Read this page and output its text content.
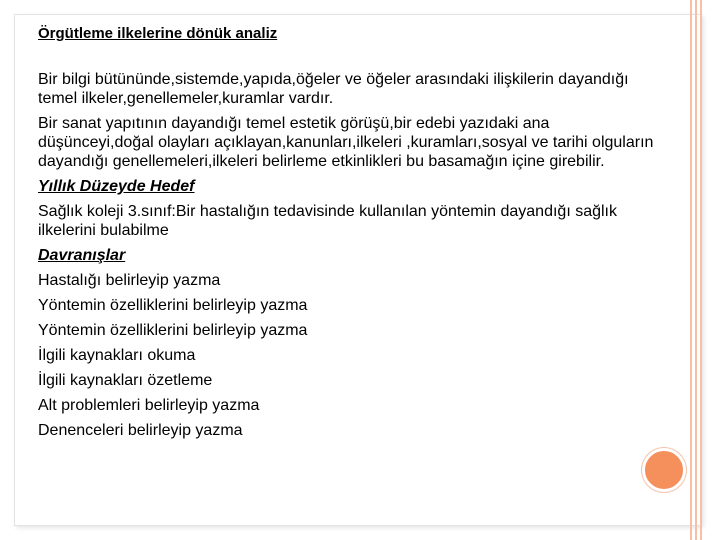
Örgütleme ilkelerine dönük analiz
Bir bilgi bütününde,sistemde,yapıda,öğeler ve öğeler arasındaki ilişkilerin dayandığı temel ilkeler,genellemeler,kuramlar vardır.
Bir sanat yapıtının dayandığı temel estetik görüşü,bir edebi yazıdaki ana düşünceyi,doğal olayları açıklayan,kanunları,ilkeleri ,kuramları,sosyal ve tarihi olguların dayandığı genellemeleri,ilkeleri belirleme etkinlikleri bu basamağın içine girebilir.
Yıllık Düzeyde Hedef
Sağlık koleji 3.sınıf:Bir hastalığın tedavisinde kullanılan yöntemin dayandığı sağlık ilkelerini bulabilme
Davranışlar
Hastalığı belirleyip yazma
Yöntemin özelliklerini belirleyip yazma
Yöntemin özelliklerini belirleyip yazma
İlgili kaynakları okuma
İlgili kaynakları özetleme
Alt problemleri belirleyip yazma
Denenceleri belirleyip yazma
